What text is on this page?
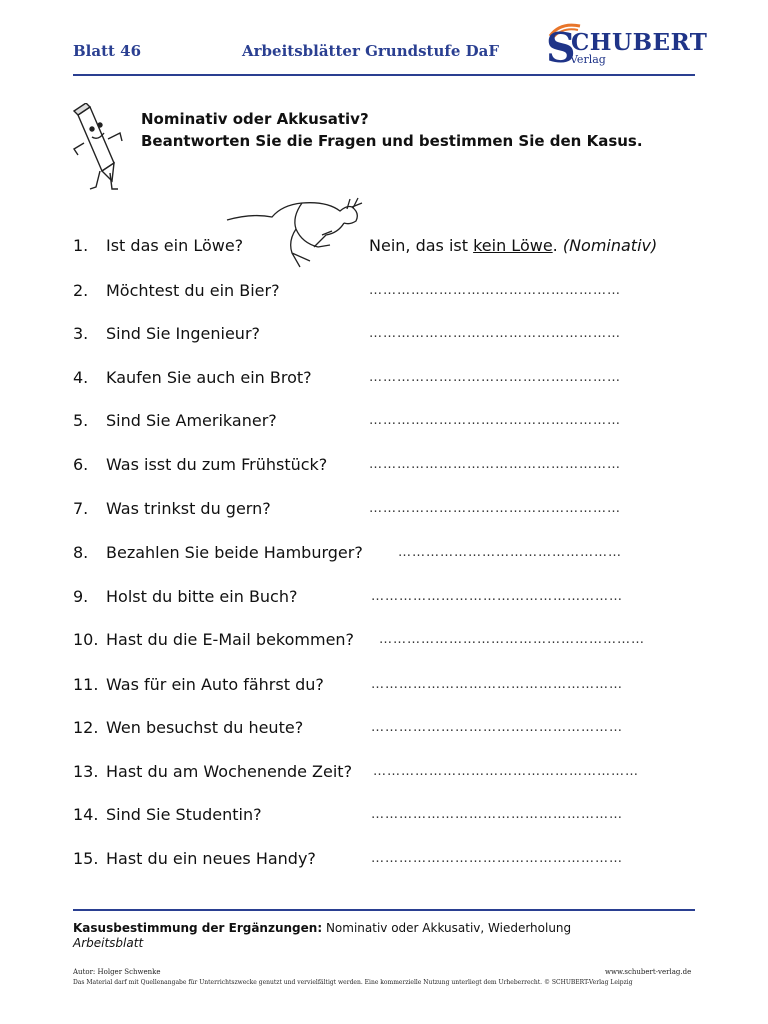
Blatt 46	Arbeitsblätter Grundstufe DaF S
CHUBERT
Verlag
Nominativ oder Akkusativ?
Beantworten Sie die Fragen und bestimmen Sie den Kasus.
1. Ist das ein Löwe?	Nein, das ist kein Löwe. (Nominativ)
2. Möchtest du ein Bier?	………………………………………………
3. Sind Sie Ingenieur?	………………………………………………
4. Kaufen Sie auch ein Brot?	………………………………………………
5. Sind Sie Amerikaner?	………………………………………………
6. Was isst du zum Frühstück?	………………………………………………
7. Was trinkst du gern?	………………………………………………
8. Bezahlen Sie beide Hamburger?	…………………………………………
9. Holst du bitte ein Buch?	………………………………………………
10. Hast du die E-Mail bekommen? …………………………………………………
11. Was für ein Auto fährst du?	………………………………………………
12. Wen besuchst du heute?	………………………………………………
13. Hast du am Wochenende Zeit? …………………………………………………
14. Sind Sie Studentin?	………………………………………………
15. Hast du ein neues Handy?	………………………………………………
Kasusbestimmung der Ergänzungen: Nominativ oder Akkusativ, Wiederholung
Arbeitsblatt
Autor: Holger Schwenke	www.schubert-verlag.de
Das Material darf mit Quellenangabe für Unterrichtszwecke genutzt und vervielfältigt werden. Eine kommerzielle Nutzung unterliegt dem Urheberrecht. © SCHUBERT-Verlag Leipzig
